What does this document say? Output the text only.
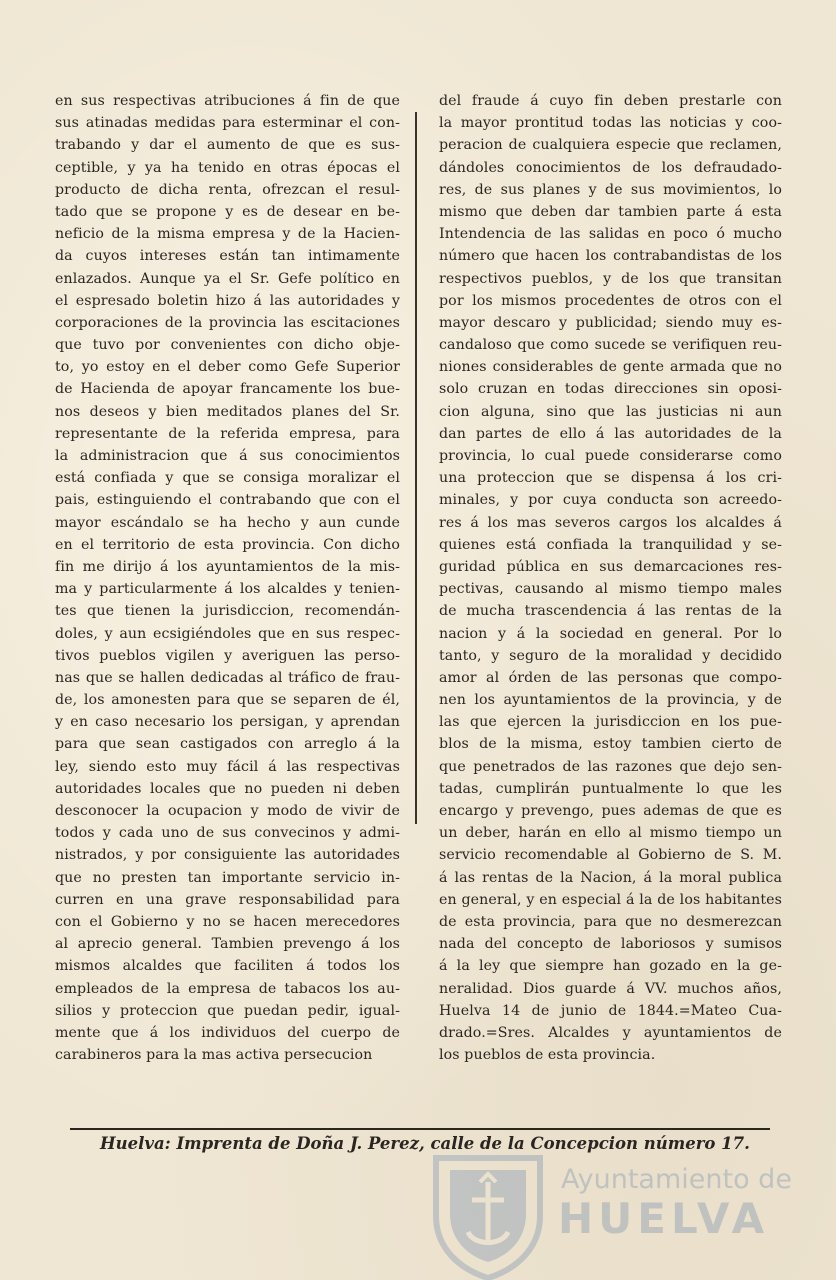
en sus respectivas atribuciones á fin de que
sus atinadas medidas para esterminar el con-
trabando y dar el aumento de que es sus-
ceptible, y ya ha tenido en otras épocas el
producto de dicha renta, ofrezcan el resul-
tado que se propone y es de desear en be-
neficio de la misma empresa y de la Hacien-
da cuyos intereses están tan intimamente
enlazados. Aunque ya el Sr. Gefe político en
el espresado boletin hizo á las autoridades y
corporaciones de la provincia las escitaciones
que tuvo por convenientes con dicho obje-
to, yo estoy en el deber como Gefe Superior
de Hacienda de apoyar francamente los bue-
nos deseos y bien meditados planes del Sr.
representante de la referida empresa, para
la administracion que á sus conocimientos
está confiada y que se consiga moralizar el
pais, estinguiendo el contrabando que con el
mayor escándalo se ha hecho y aun cunde
en el territorio de esta provincia. Con dicho
fin me dirijo á los ayuntamientos de la mis-
ma y particularmente á los alcaldes y tenien-
tes que tienen la jurisdiccion, recomendán-
doles, y aun ecsigiéndoles que en sus respec-
tivos pueblos vigilen y averiguen las perso-
nas que se hallen dedicadas al tráfico de frau-
de, los amonesten para que se separen de él,
y en caso necesario los persigan, y aprendan
para que sean castigados con arreglo á la
ley, siendo esto muy fácil á las respectivas
autoridades locales que no pueden ni deben
desconocer la ocupacion y modo de vivir de
todos y cada uno de sus convecinos y admi-
nistrados, y por consiguiente las autoridades
que no presten tan importante servicio in-
curren en una grave responsabilidad para
con el Gobierno y no se hacen merecedores
al aprecio general. Tambien prevengo á los
mismos alcaldes que faciliten á todos los
empleados de la empresa de tabacos los au-
silios y proteccion que puedan pedir, igual-
mente que á los individuos del cuerpo de
carabineros para la mas activa persecucion
del fraude á cuyo fin deben prestarle con
la mayor prontitud todas las noticias y coo-
peracion de cualquiera especie que reclamen,
dándoles conocimientos de los defraudado-
res, de sus planes y de sus movimientos, lo
mismo que deben dar tambien parte á esta
Intendencia de las salidas en poco ó mucho
número que hacen los contrabandistas de los
respectivos pueblos, y de los que transitan
por los mismos procedentes de otros con el
mayor descaro y publicidad; siendo muy es-
candaloso que como sucede se verifiquen reu-
niones considerables de gente armada que no
solo cruzan en todas direcciones sin oposi-
cion alguna, sino que las justicias ni aun
dan partes de ello á las autoridades de la
provincia, lo cual puede considerarse como
una proteccion que se dispensa á los cri-
minales, y por cuya conducta son acreedo-
res á los mas severos cargos los alcaldes á
quienes está confiada la tranquilidad y se-
guridad pública en sus demarcaciones res-
pectivas, causando al mismo tiempo males
de mucha trascendencia á las rentas de la
nacion y á la sociedad en general. Por lo
tanto, y seguro de la moralidad y decidido
amor al órden de las personas que compo-
nen los ayuntamientos de la provincia, y de
las que ejercen la jurisdiccion en los pue-
blos de la misma, estoy tambien cierto de
que penetrados de las razones que dejo sen-
tadas, cumplirán puntualmente lo que les
encargo y prevengo, pues ademas de que es
un deber, harán en ello al mismo tiempo un
servicio recomendable al Gobierno de S. M.
á las rentas de la Nacion, á la moral publica
en general, y en especial á la de los habitantes
de esta provincia, para que no desmerezcan
nada del concepto de laboriosos y sumisos
á la ley que siempre han gozado en la ge-
neralidad. Dios guarde á VV. muchos años,
Huelva 14 de junio de 1844.=Mateo Cua-
drado.=Sres. Alcaldes y ayuntamientos de
los pueblos de esta provincia.
Huelva: Imprenta de Doña J. Perez, calle de la Concepcion número 17.
Ayuntamiento de
HUELVA
